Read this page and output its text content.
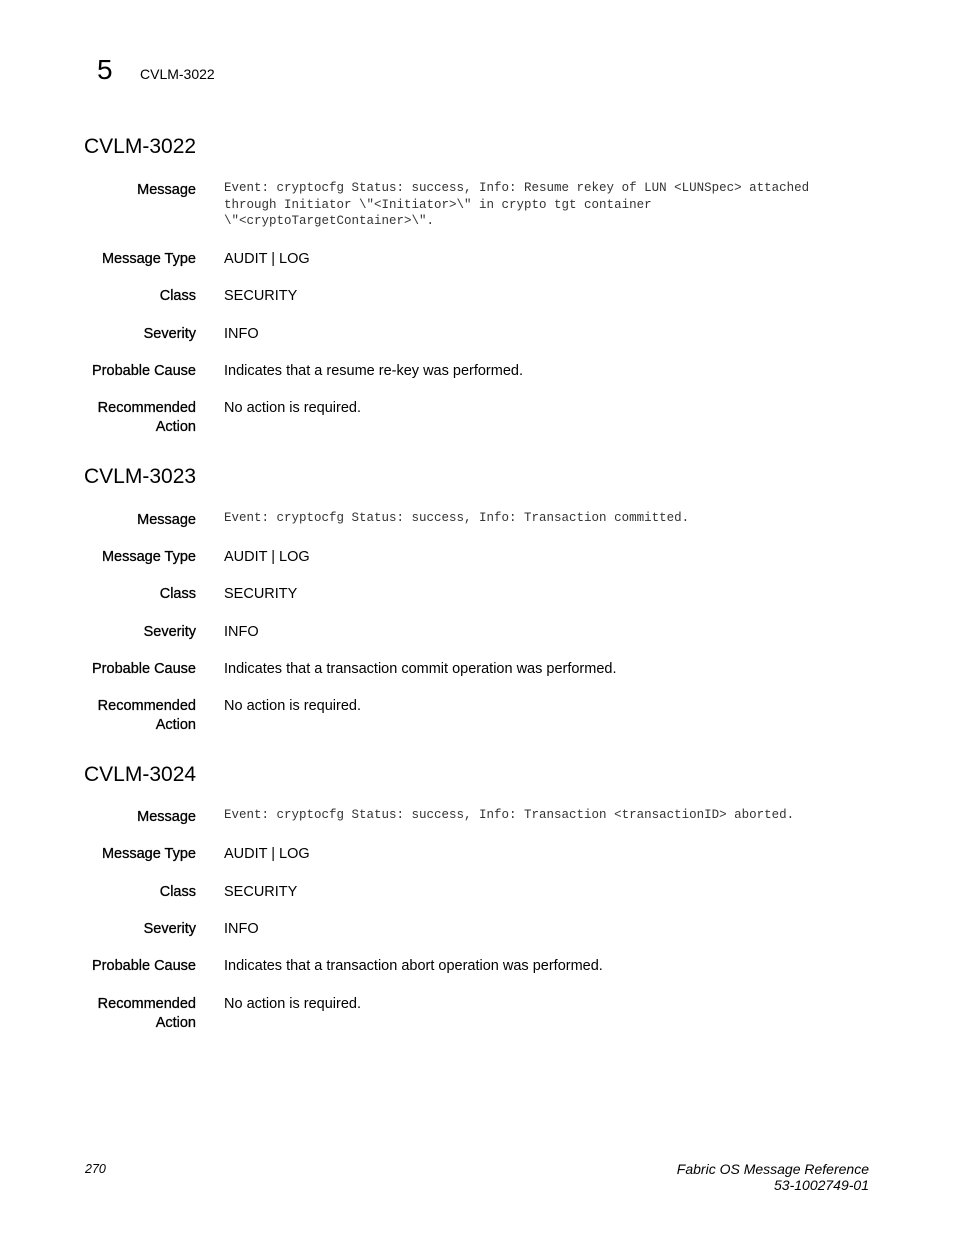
5 CVLM-3022
CVLM-3022
Message Event: cryptocfg Status: success, Info: Resume rekey of LUN <LUNSpec> attached
through Initiator \"<Initiator>\" in crypto tgt container
\"<cryptoTargetContainer>\".
Message Type AUDIT | LOG
Class SECURITY
Severity INFO
Probable Cause Indicates that a resume re-key was performed.
Recommended
Action
No action is required.
CVLM-3023
Message Event: cryptocfg Status: success, Info: Transaction committed.
Message Type AUDIT | LOG
Class SECURITY
Severity INFO
Probable Cause Indicates that a transaction commit operation was performed.
Recommended
Action
No action is required.
CVLM-3024
Message Event: cryptocfg Status: success, Info: Transaction <transactionID> aborted.
Message Type AUDIT | LOG
Class SECURITY
Severity INFO
Probable Cause Indicates that a transaction abort operation was performed.
Recommended
Action
No action is required.
270	Fabric OS Message Reference
53-1002749-01
